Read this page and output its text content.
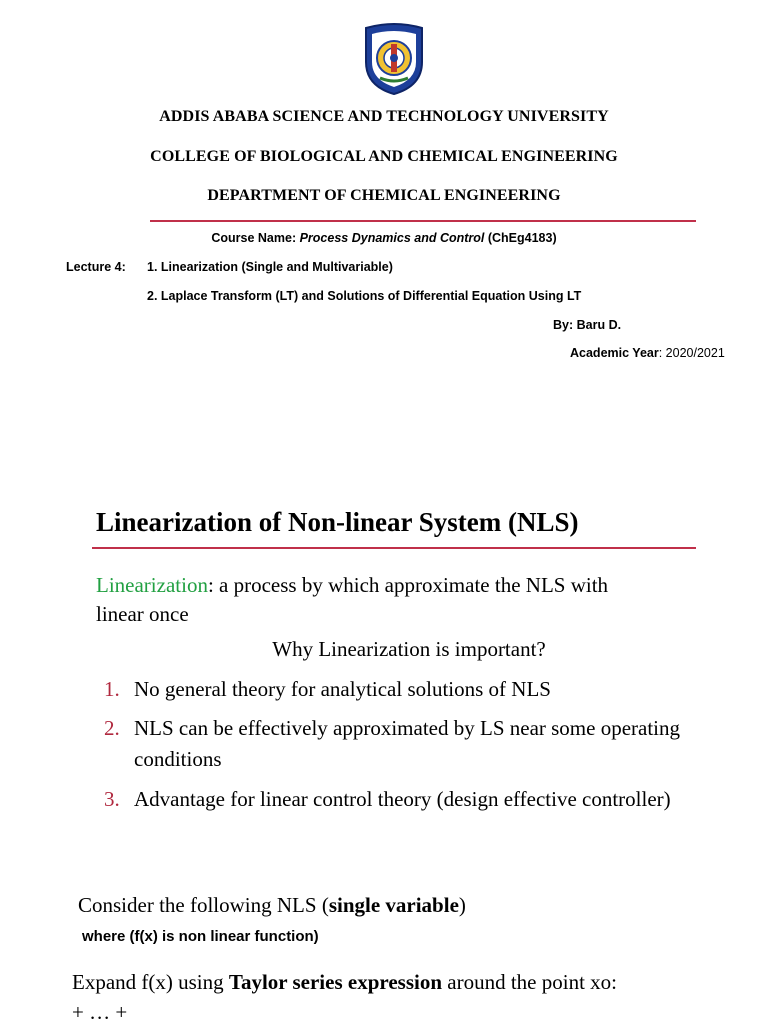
ADDIS ABABA SCIENCE AND TECHNOLOGY UNIVERSITY
COLLEGE OF BIOLOGICAL AND CHEMICAL ENGINEERING
DEPARTMENT OF CHEMICAL ENGINEERING
Course Name: Process Dynamics and Control (ChEg4183)
Lecture 4: 1. Linearization (Single and Multivariable)
2. Laplace Transform (LT) and Solutions of Differential Equation Using LT
By: Baru D.
Academic Year: 2020/2021
Linearization of Non-linear System (NLS)
Linearization: a process by which approximate the NLS with
linear once
Why Linearization is important?
1. No general theory for analytical solutions of NLS
2. NLS can be effectively approximated by LS near some operating
conditions
3. Advantage for linear control theory (design effective controller)
Consider the following NLS (single variable)
where (f(x) is non linear function)
Expand f(x) using Taylor series expression around the point xo:
+ … +
